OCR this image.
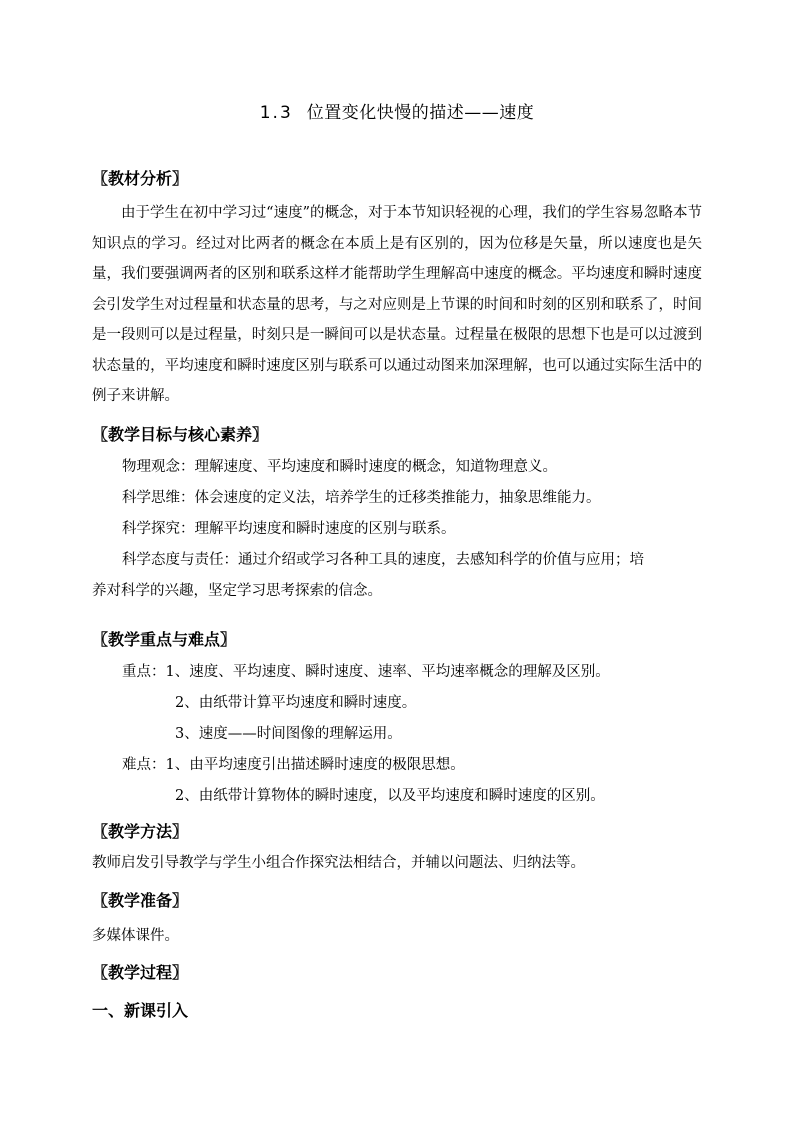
1.3 位置变化快慢的描述——速度
〖教材分析〗
由于学生在初中学习过“速度”的概念，对于本节知识轻视的心理，我们的学生容易忽略本节知识点的学习。经过对比两者的概念在本质上是有区别的，因为位移是矢量，所以速度也是矢量，我们要强调两者的区别和联系这样才能帮助学生理解高中速度的概念。平均速度和瞬时速度会引发学生对过程量和状态量的思考，与之对应则是上节课的时间和时刻的区别和联系了，时间是一段则可以是过程量，时刻只是一瞬间可以是状态量。过程量在极限的思想下也是可以过渡到状态量的，平均速度和瞬时速度区别与联系可以通过动图来加深理解，也可以通过实际生活中的例子来讲解。
〖教学目标与核心素养〗
物理观念：理解速度、平均速度和瞬时速度的概念，知道物理意义。
科学思维：体会速度的定义法，培养学生的迁移类推能力，抽象思维能力。
科学探究：理解平均速度和瞬时速度的区别与联系。
科学态度与责任：通过介绍或学习各种工具的速度，去感知科学的价值与应用；培
养对科学的兴趣，坚定学习思考探索的信念。
〖教学重点与难点〗
重点：1、速度、平均速度、瞬时速度、速率、平均速率概念的理解及区别。
2、由纸带计算平均速度和瞬时速度。
3、速度——时间图像的理解运用。
难点：1、由平均速度引出描述瞬时速度的极限思想。
2、由纸带计算物体的瞬时速度，以及平均速度和瞬时速度的区别。
〖教学方法〗
教师启发引导教学与学生小组合作探究法相结合，并辅以问题法、归纳法等。
〖教学准备〗
多媒体课件。
〖教学过程〗
一、新课引入
